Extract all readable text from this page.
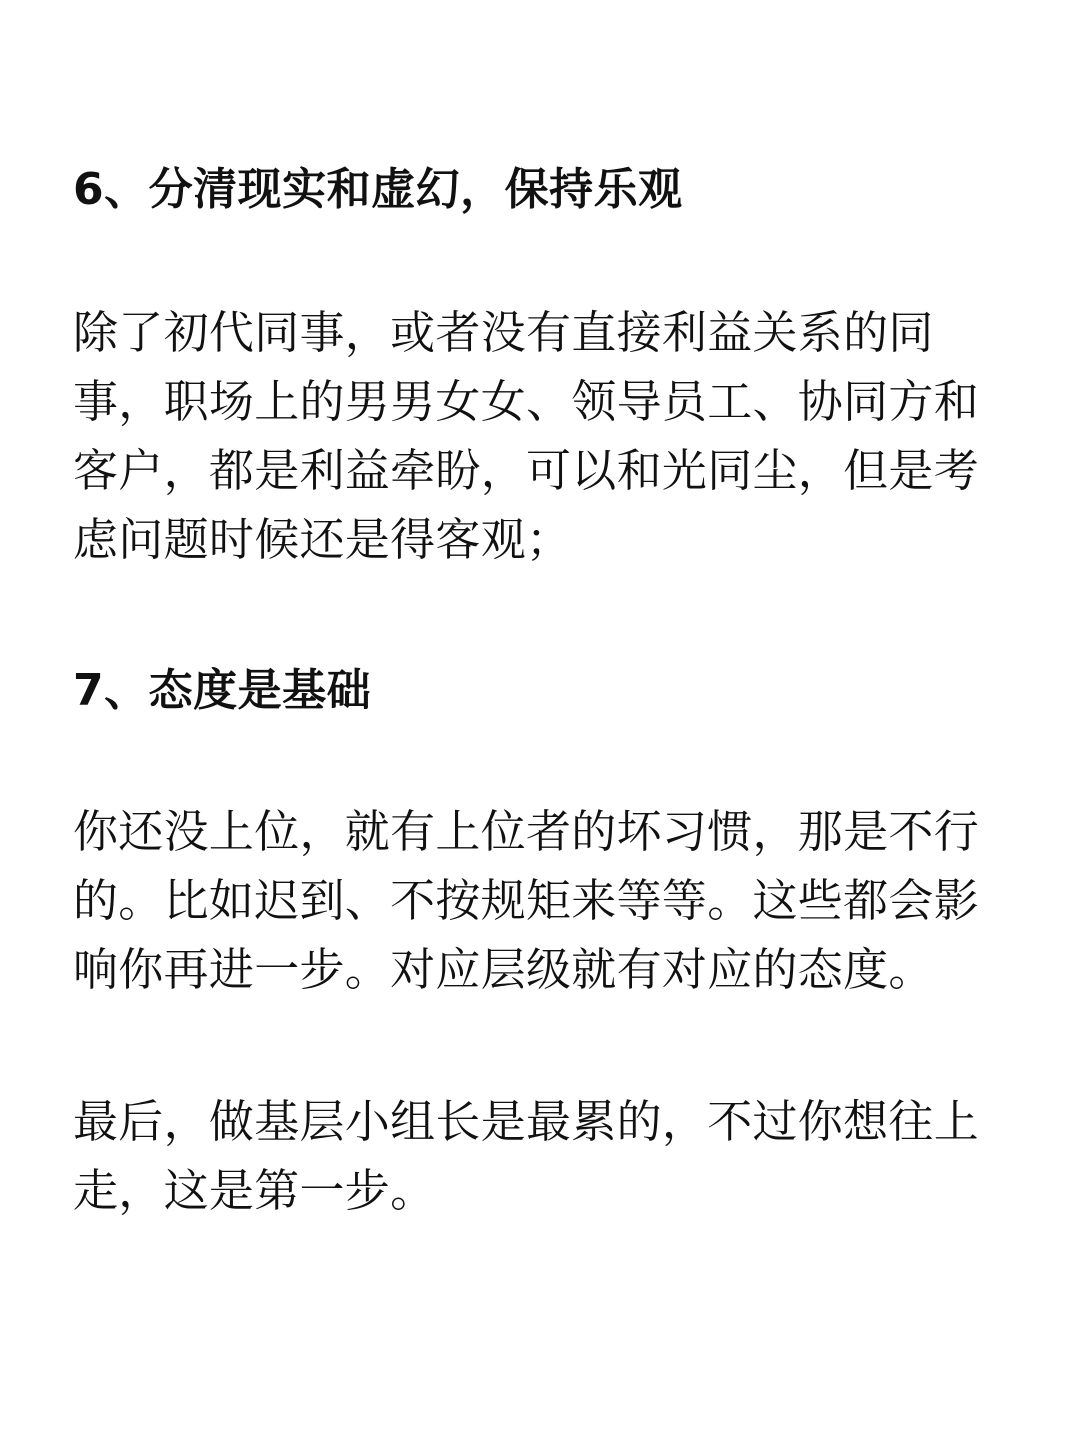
6、分清现实和虚幻，保持乐观

除了初代同事，或者没有直接利益关系的同

事，职场上的男男女女、领导员工、协同方和

客户，都是利益牵盼，可以和光同尘，但是考

虑问题时候还是得客观；

7、态度是基础

你还没上位，就有上位者的坏习惯，那是不行

的。比如迟到、不按规矩来等等。这些都会影

响你再进一步。对应层级就有对应的态度。

最后，做基层小组长是最累的，不过你想往上

走，这是第一步。
